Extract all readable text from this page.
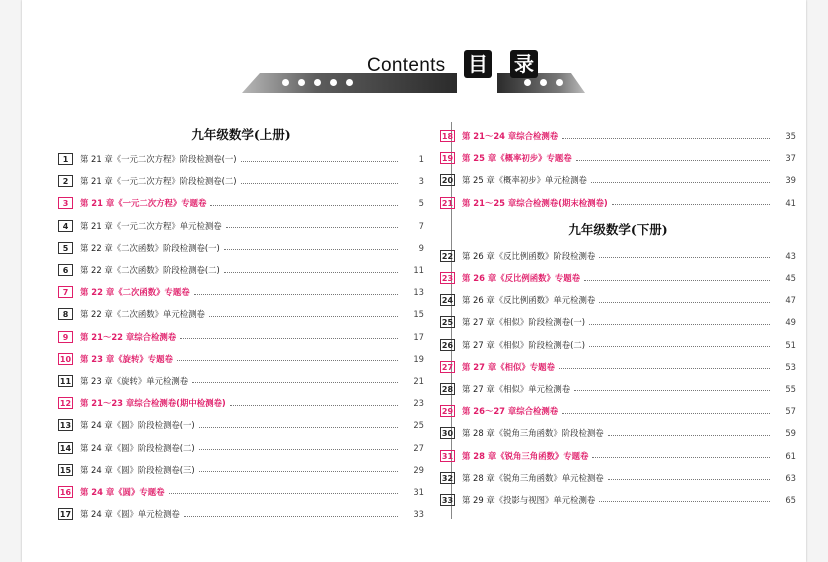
Contents 目 录
九年级数学(上册)
1	第 21 章《一元二次方程》阶段检测卷(一)	1
2	第 21 章《一元二次方程》阶段检测卷(二)	3
3	第 21 章《一元二次方程》专题卷	5
4	第 21 章《一元二次方程》单元检测卷	7
5	第 22 章《二次函数》阶段检测卷(一)	9
6	第 22 章《二次函数》阶段检测卷(二)	11
7	第 22 章《二次函数》专题卷	13
8	第 22 章《二次函数》单元检测卷	15
9	第 21～22 章综合检测卷	17
10 第 23 章《旋转》专题卷	19
11 第 23 章《旋转》单元检测卷	21
12 第 21～23 章综合检测卷(期中检测卷)	23
13 第 24 章《圆》阶段检测卷(一)	25
14 第 24 章《圆》阶段检测卷(二)	27
15 第 24 章《圆》阶段检测卷(三)	29
16 第 24 章《圆》专题卷	31
17 第 24 章《圆》单元检测卷	33
18 第 21～24 章综合检测卷	35
19 第 25 章《概率初步》专题卷	37
20 第 25 章《概率初步》单元检测卷	39
21 第 21～25 章综合检测卷(期末检测卷)	41
九年级数学(下册)
22 第 26 章《反比例函数》阶段检测卷	43
23 第 26 章《反比例函数》专题卷	45
24 第 26 章《反比例函数》单元检测卷	47
25 第 27 章《相似》阶段检测卷(一)	49
26 第 27 章《相似》阶段检测卷(二)	51
27 第 27 章《相似》专题卷	53
28 第 27 章《相似》单元检测卷	55
29 第 26～27 章综合检测卷	57
30 第 28 章《锐角三角函数》阶段检测卷	59
31 第 28 章《锐角三角函数》专题卷	61
32 第 28 章《锐角三角函数》单元检测卷	63
33 第 29 章《投影与视图》单元检测卷	65
